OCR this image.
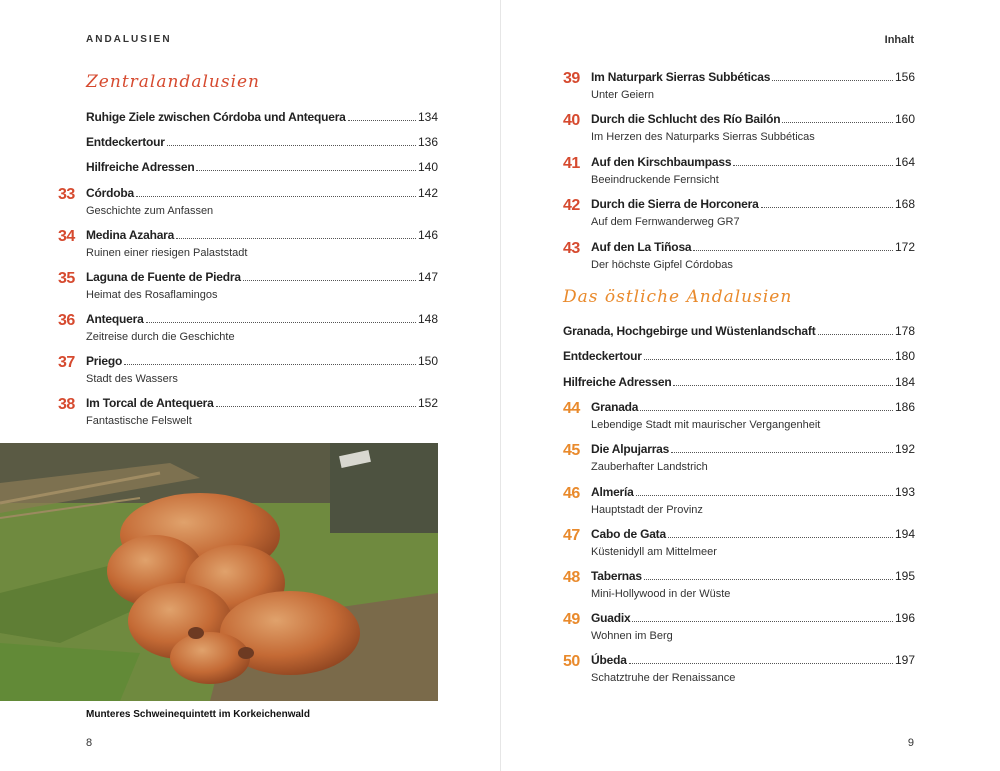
ANDALUSIEN
Zentralandalusien
Ruhige Ziele zwischen Córdoba und Antequera	134
Entdeckertour	136
Hilfreiche Adressen	140
33 Córdoba	142
Geschichte zum Anfassen
34 Medina Azahara	146
Ruinen einer riesigen Palaststadt
35 Laguna de Fuente de Piedra	147
Heimat des Rosaflamingos
36 Antequera	148
Zeitreise durch die Geschichte
37 Priego	150
Stadt des Wassers
38 Im Torcal de Antequera	152
Fantastische Felswelt
Munteres Schweinequintett im Korkeichenwald
8
Inhalt
39 Im Naturpark Sierras Subbéticas	156
Unter Geiern
40 Durch die Schlucht des Río Bailón	160
Im Herzen des Naturparks Sierras Subbéticas
41 Auf den Kirschbaumpass	164
Beeindruckende Fernsicht
42 Durch die Sierra de Horconera	168
Auf dem Fernwanderweg GR7
43 Auf den La Tiñosa	172
Der höchste Gipfel Córdobas
Das östliche Andalusien
Granada, Hochgebirge und Wüstenlandschaft	178
Entdeckertour	180
Hilfreiche Adressen	184
44 Granada	186
Lebendige Stadt mit maurischer Vergangenheit
45 Die Alpujarras	192
Zauberhafter Landstrich
46 Almería	193
Hauptstadt der Provinz
47 Cabo de Gata	194
Küstenidyll am Mittelmeer
48 Tabernas	195
Mini-Hollywood in der Wüste
49 Guadix	196
Wohnen im Berg
50 Úbeda	197
Schatztruhe der Renaissance
9
